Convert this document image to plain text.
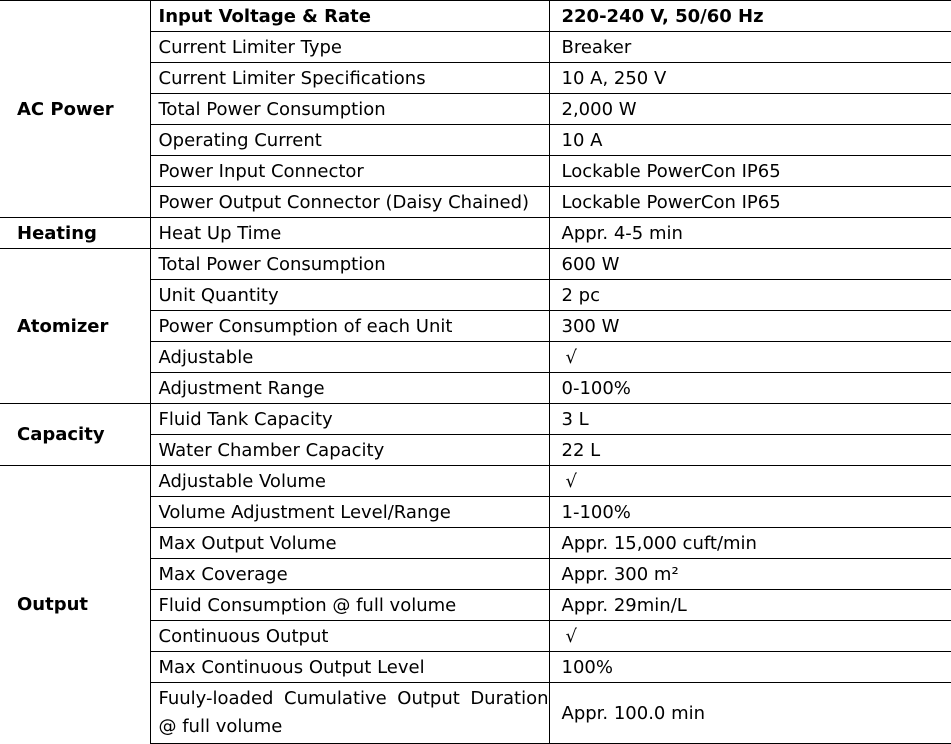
AC Power	Input Voltage & Rate	220-240 V, 50/60 Hz
	Current Limiter Type	Breaker
	Current Limiter Specifications	10 A, 250 V
	Total Power Consumption	2,000 W
	Operating Current	10 A
	Power Input Connector	Lockable PowerCon IP65
	Power Output Connector (Daisy Chained)	Lockable PowerCon IP65
Heating	Heat Up Time	Appr. 4-5 min
Atomizer	Total Power Consumption	600 W
	Unit Quantity	2 pc
	Power Consumption of each Unit	300 W
	Adjustable	√
	Adjustment Range	0-100%
Capacity	Fluid Tank Capacity	3 L
	Water Chamber Capacity	22 L
Output	Adjustable Volume	√
	Volume Adjustment Level/Range	1-100%
	Max Output Volume	Appr. 15,000 cuft/min
	Max Coverage	Appr. 300 m²
	Fluid Consumption @ full volume	Appr. 29min/L
	Continuous Output	√
	Max Continuous Output Level	100%

	Fuuly-loaded Cumulative Output Duration @ full volume	Appr. 100.0 min
